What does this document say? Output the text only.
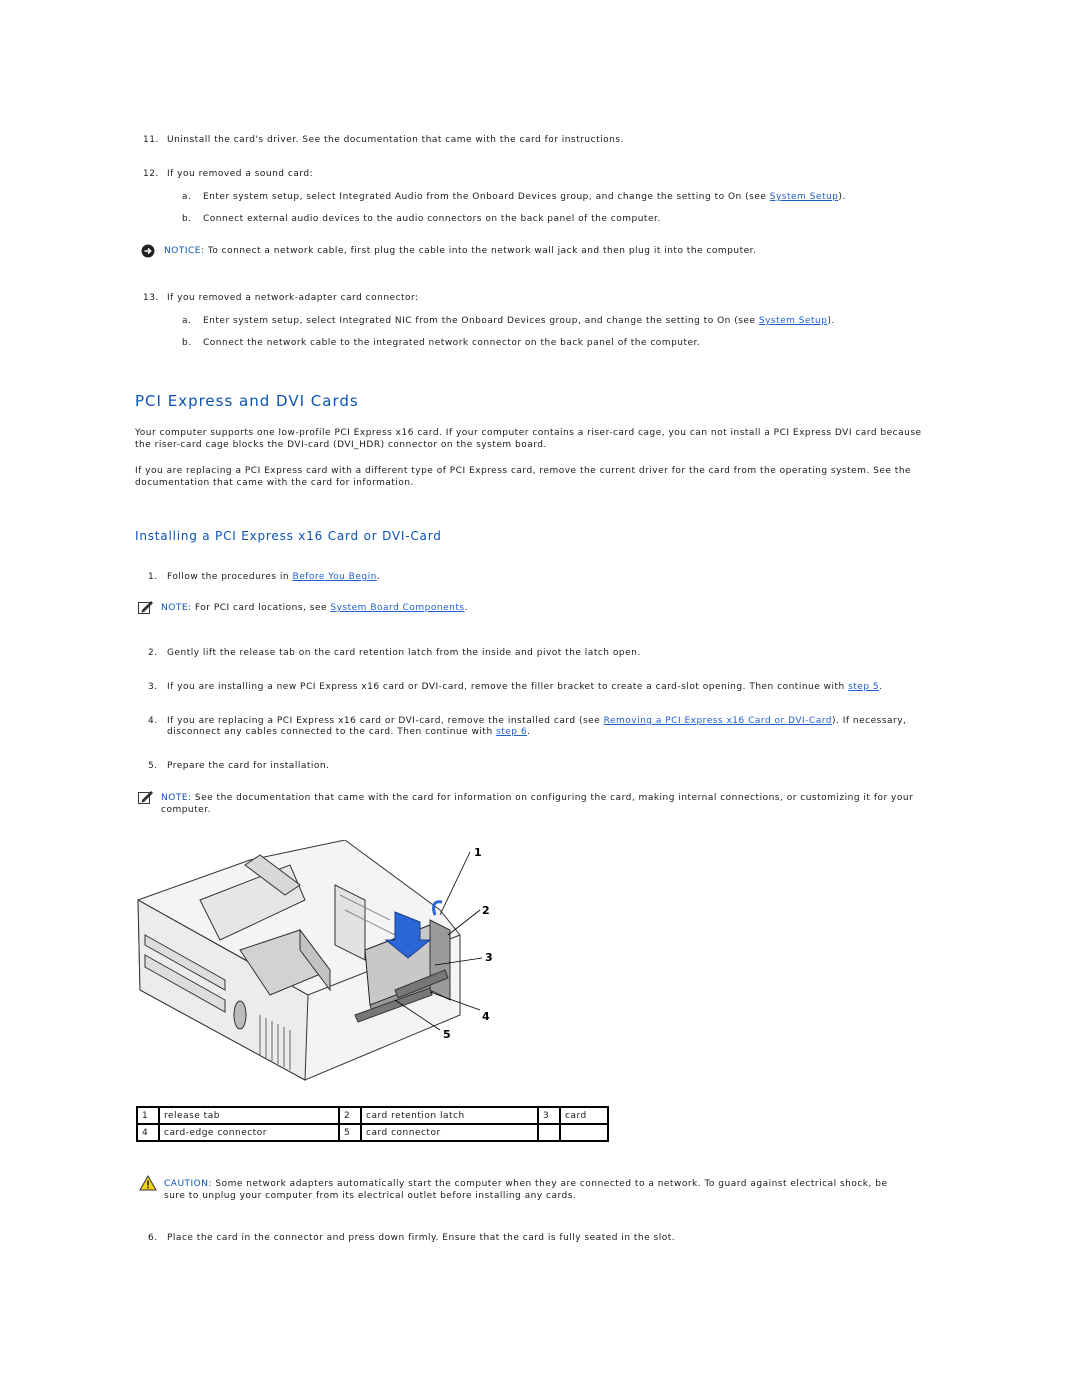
11. Uninstall the card's driver. See the documentation that came with the card for instructions.
12. If you removed a sound card:
a. Enter system setup, select Integrated Audio from the Onboard Devices group, and change the setting to On (see System Setup).
b. Connect external audio devices to the audio connectors on the back panel of the computer.
NOTICE: To connect a network cable, first plug the cable into the network wall jack and then plug it into the computer.
13. If you removed a network-adapter card connector:
a. Enter system setup, select Integrated NIC from the Onboard Devices group, and change the setting to On (see System Setup).
b. Connect the network cable to the integrated network connector on the back panel of the computer.
PCI Express and DVI Cards
Your computer supports one low-profile PCI Express x16 card. If your computer contains a riser-card cage, you can not install a PCI Express DVI card because the riser-card cage blocks the DVI-card (DVI_HDR) connector on the system board.
If you are replacing a PCI Express card with a different type of PCI Express card, remove the current driver for the card from the operating system. See the documentation that came with the card for information.
Installing a PCI Express x16 Card or DVI-Card
1. Follow the procedures in Before You Begin.
NOTE: For PCI card locations, see System Board Components.
2. Gently lift the release tab on the card retention latch from the inside and pivot the latch open.
3. If you are installing a new PCI Express x16 card or DVI-card, remove the filler bracket to create a card-slot opening. Then continue with step 5.
4. If you are replacing a PCI Express x16 card or DVI-card, remove the installed card (see Removing a PCI Express x16 Card or DVI-Card). If necessary,
disconnect any cables connected to the card. Then continue with step 6.
5. Prepare the card for installation.
NOTE: See the documentation that came with the card for information on configuring the card, making internal connections, or customizing it for your
computer.
1
2
3
4
5
1	release tab	2	card retention latch	3	card
4	card-edge connector	5	card connector		
CAUTION: Some network adapters automatically start the computer when they are connected to a network. To guard against electrical shock, be
sure to unplug your computer from its electrical outlet before installing any cards.
6. Place the card in the connector and press down firmly. Ensure that the card is fully seated in the slot.
